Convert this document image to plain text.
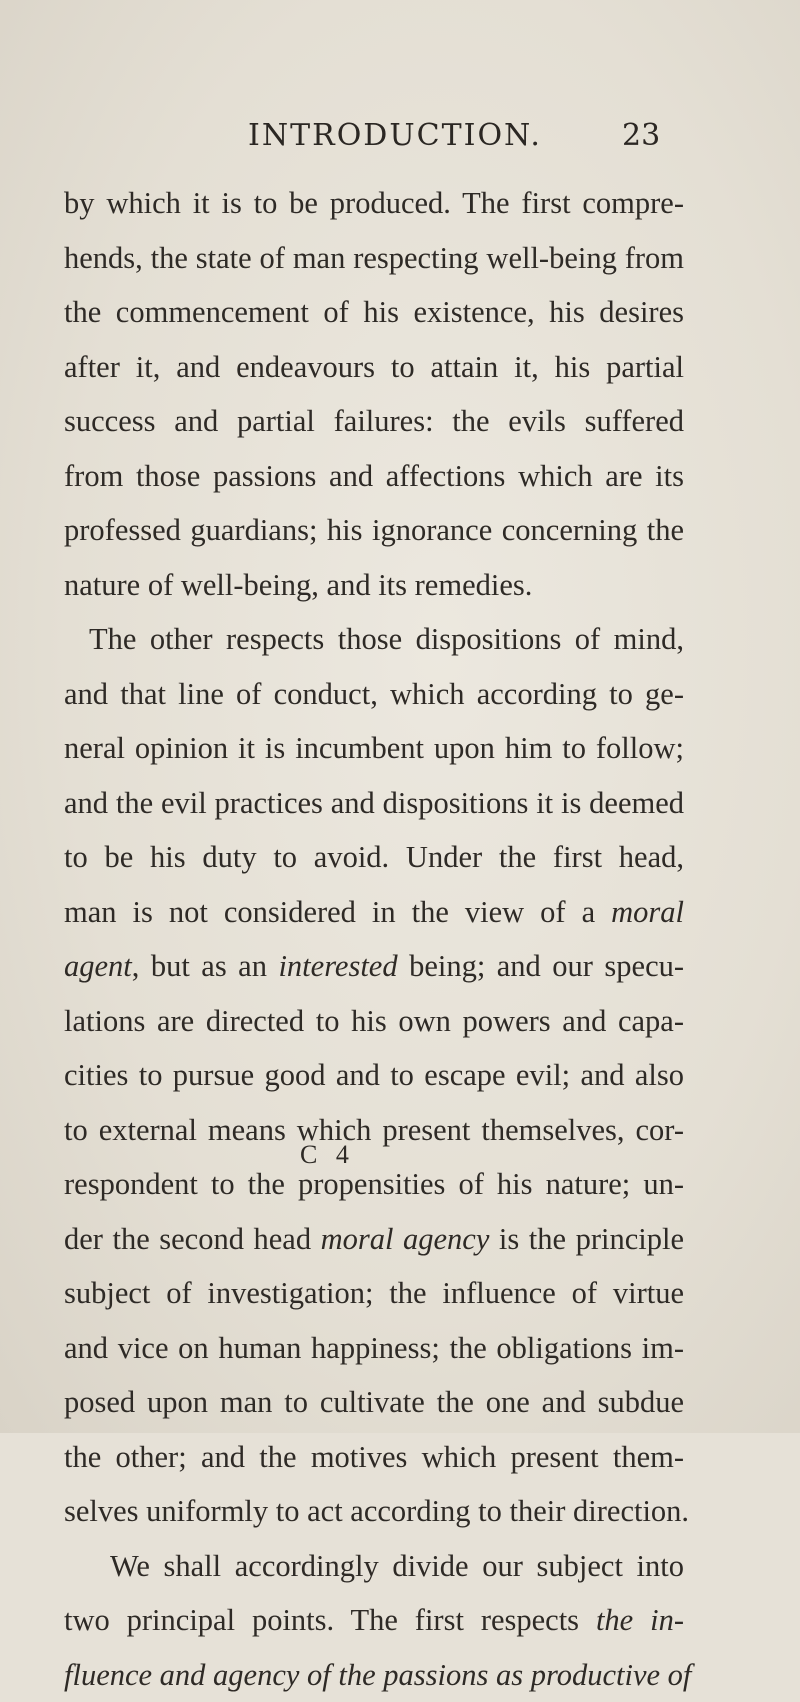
INTRODUCTION.	23
by which it is to be produced. The first compre-
hends, the state of man respecting well-being from
the commencement of his existence, his desires
after it, and endeavours to attain it, his partial
success and partial failures: the evils suffered
from those passions and affections which are its
professed guardians; his ignorance concerning the
nature of well-being, and its remedies.
The other respects those dispositions of mind,
and that line of conduct, which according to ge-
neral opinion it is incumbent upon him to follow;
and the evil practices and dispositions it is deemed
to be his duty to avoid. Under the first head,
man is not considered in the view of a moral
agent, but as an interested being; and our specu-
lations are directed to his own powers and capa-
cities to pursue good and to escape evil; and also
to external means which present themselves, cor-
respondent to the propensities of his nature; un-
der the second head moral agency is the principle
subject of investigation; the influence of virtue
and vice on human happiness; the obligations im-
posed upon man to cultivate the one and subdue
the other; and the motives which present them-
selves uniformly to act according to their direction.
We shall accordingly divide our subject into
two principal points. The first respects the in-
fluence and agency of the passions as productive of
C 4
